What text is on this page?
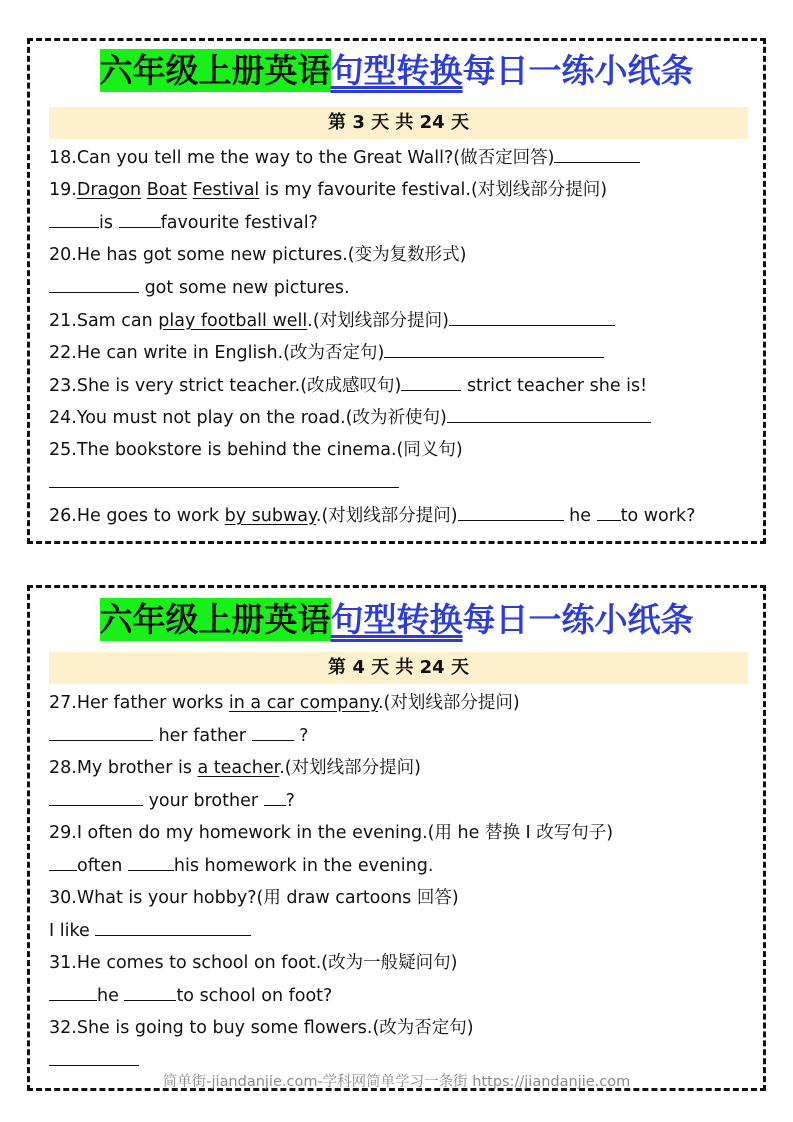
六年级上册英语句型转换每日一练小纸条
第 3 天 共 24 天
18.Can you tell me the way to the Great Wall?(做否定回答)
19.Dragon Boat Festival is my favourite festival.(对划线部分提问)
is	favourite festival?
20.He has got some new pictures.(变为复数形式)
got some new pictures.
21.Sam can play football well.(对划线部分提问)
22.He can write in English.(改为否定句)
23.She is very strict teacher.(改成感叹句)	strict teacher she is!
24.You must not play on the road.(改为祈使句)
25.The bookstore is behind the cinema.(同义句)
26.He goes to work by subway.(对划线部分提问)	he to work?
六年级上册英语句型转换每日一练小纸条
第 4 天 共 24 天
27.Her father works in a car company.(对划线部分提问)
her father	?
28.My brother is a teacher.(对划线部分提问)
your brother ?
29.I often do my homework in the evening.(用 he 替换 I 改写句子)
often	his homework in the evening.
30.What is your hobby?(用 draw cartoons 回答)
I like
31.He comes to school on foot.(改为一般疑问句)
he	to school on foot?
32.She is going to buy some flowers.(改为否定句)
简单街-jiandanjie.com-学科网简单学习一条街 https://jiandanjie.com
